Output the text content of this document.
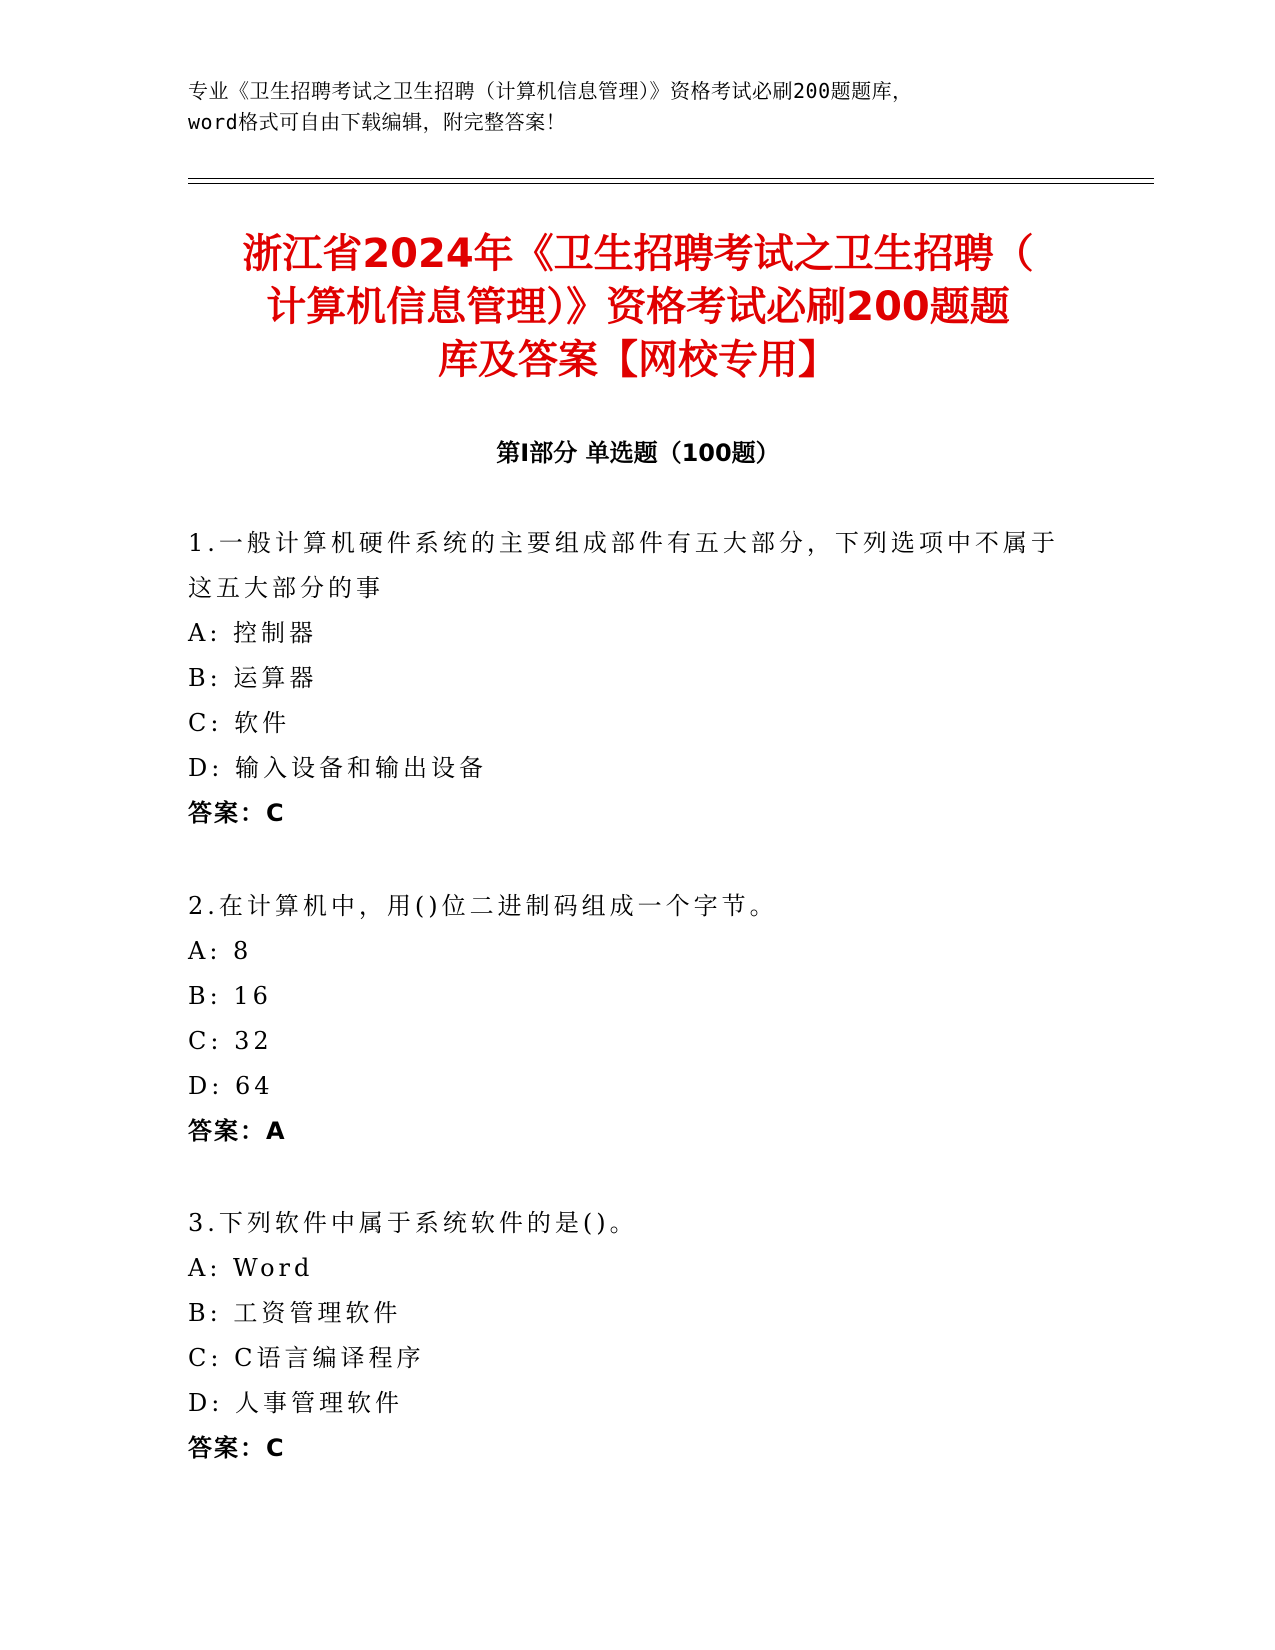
专业《卫生招聘考试之卫生招聘（计算机信息管理）》资格考试必刷200题题库，

word格式可自由下载编辑，附完整答案！
浙江省2024年《卫生招聘考试之卫生招聘（
计算机信息管理）》资格考试必刷200题题
库及答案【网校专用】
第Ⅰ部分 单选题（100题）

1.一般计算机硬件系统的主要组成部件有五大部分，下列选项中不属于这五大部分的事

A: 控制器

B: 运算器

C: 软件

D: 输入设备和输出设备

答案：C

2.在计算机中，用()位二进制码组成一个字节。

A: 8

B: 16

C: 32

D: 64

答案：A

3.下列软件中属于系统软件的是()。

A: Word

B: 工资管理软件

C: C语言编译程序

D: 人事管理软件

答案：C
